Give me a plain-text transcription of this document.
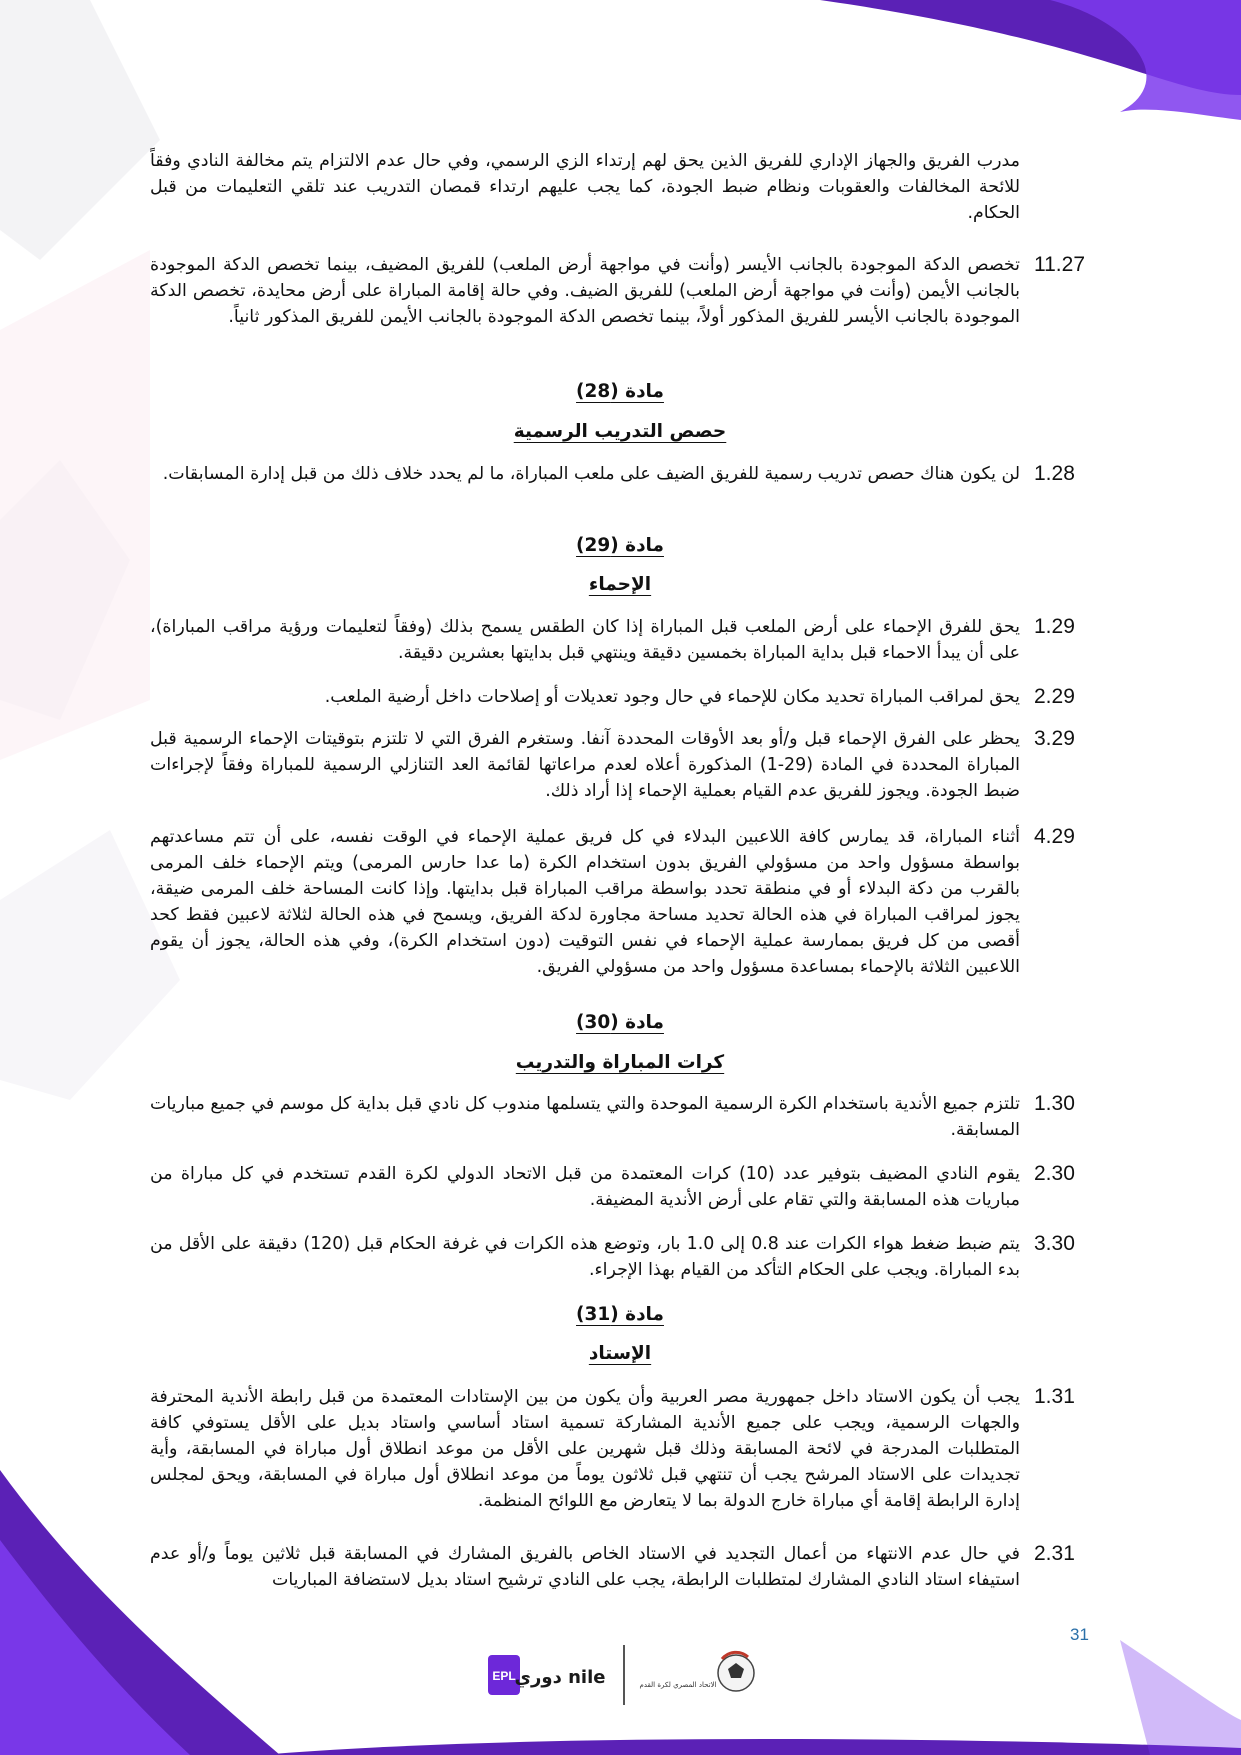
مدرب الفريق والجهاز الإداري للفريق الذين يحق لهم إرتداء الزي الرسمي، وفي حال عدم الالتزام يتم مخالفة النادي وفقاً للائحة المخالفات والعقوبات ونظام ضبط الجودة، كما يجب عليهم ارتداء قمصان التدريب عند تلقي التعليمات من قبل الحكام.

11.27

تخصص الدكة الموجودة بالجانب الأيسر (وأنت في مواجهة أرض الملعب) للفريق المضيف، بينما تخصص الدكة الموجودة بالجانب الأيمن (وأنت في مواجهة أرض الملعب) للفريق الضيف. وفي حالة إقامة المباراة على أرض محايدة، تخصص الدكة الموجودة بالجانب الأيسر للفريق المذكور أولاً، بينما تخصص الدكة الموجودة بالجانب الأيمن للفريق المذكور ثانياً.

مادة (28)
حصص التدريب الرسمية
1.28

لن يكون هناك حصص تدريب رسمية للفريق الضيف على ملعب المباراة، ما لم يحدد خلاف ذلك من قبل إدارة المسابقات.

مادة (29)
الإحماء
1.29

يحق للفرق الإحماء على أرض الملعب قبل المباراة إذا كان الطقس يسمح بذلك (وفقاً لتعليمات ورؤية مراقب المباراة)، على أن يبدأ الاحماء قبل بداية المباراة بخمسين دقيقة وينتهي قبل بدايتها بعشرين دقيقة.

2.29

يحق لمراقب المباراة تحديد مكان للإحماء في حال وجود تعديلات أو إصلاحات داخل أرضية الملعب.

3.29

يحظر على الفرق الإحماء قبل و/أو بعد الأوقات المحددة آنفا. وستغرم الفرق التي لا تلتزم بتوقيتات الإحماء الرسمية قبل المباراة المحددة في المادة (29-1) المذكورة أعلاه لعدم مراعاتها لقائمة العد التنازلي الرسمية للمباراة وفقاً لإجراءات ضبط الجودة. ويجوز للفريق عدم القيام بعملية الإحماء إذا أراد ذلك.

4.29

أثناء المباراة، قد يمارس كافة اللاعبين البدلاء في كل فريق عملية الإحماء في الوقت نفسه، على أن تتم مساعدتهم بواسطة مسؤول واحد من مسؤولي الفريق بدون استخدام الكرة (ما عدا حارس المرمى) ويتم الإحماء خلف المرمى بالقرب من دكة البدلاء أو في منطقة تحدد بواسطة مراقب المباراة قبل بدايتها. وإذا كانت المساحة خلف المرمى ضيقة، يجوز لمراقب المباراة في هذه الحالة تحديد مساحة مجاورة لدكة الفريق، ويسمح في هذه الحالة لثلاثة لاعبين فقط كحد أقصى من كل فريق بممارسة عملية الإحماء في نفس التوقيت (دون استخدام الكرة)، وفي هذه الحالة، يجوز أن يقوم اللاعبين الثلاثة بالإحماء بمساعدة مسؤول واحد من مسؤولي الفريق.

مادة (30)
كرات المباراة والتدريب
1.30

تلتزم جميع الأندية باستخدام الكرة الرسمية الموحدة والتي يتسلمها مندوب كل نادي قبل بداية كل موسم في جميع مباريات المسابقة.

2.30

يقوم النادي المضيف بتوفير عدد (10) كرات المعتمدة من قبل الاتحاد الدولي لكرة القدم تستخدم في كل مباراة من مباريات هذه المسابقة والتي تقام على أرض الأندية المضيفة.

3.30

يتم ضبط ضغط هواء الكرات عند 0.8 إلى 1.0 بار، وتوضع هذه الكرات في غرفة الحكام قبل (120) دقيقة على الأقل من بدء المباراة. ويجب على الحكام التأكد من القيام بهذا الإجراء.

مادة (31)
الإستاد
1.31

يجب أن يكون الاستاد داخل جمهورية مصر العربية وأن يكون من بين الإستادات المعتمدة من قبل رابطة الأندية المحترفة والجهات الرسمية، ويجب على جميع الأندية المشاركة تسمية استاد أساسي واستاد بديل على الأقل يستوفي كافة المتطلبات المدرجة في لائحة المسابقة وذلك قبل شهرين على الأقل من موعد انطلاق أول مباراة في المسابقة، وأية تجديدات على الاستاد المرشح يجب أن تنتهي قبل ثلاثون يوماً من موعد انطلاق أول مباراة في المسابقة، ويحق لمجلس إدارة الرابطة إقامة أي مباراة خارج الدولة بما لا يتعارض مع اللوائح المنظمة.

2.31

في حال عدم الانتهاء من أعمال التجديد في الاستاد الخاص بالفريق المشارك في المسابقة قبل ثلاثين يوماً و/أو عدم استيفاء استاد النادي المشارك لمتطلبات الرابطة، يجب على النادي ترشيح استاد بديل لاستضافة المباريات

31
EPL
دوري nile	الاتحاد المصري لكرة القدم
